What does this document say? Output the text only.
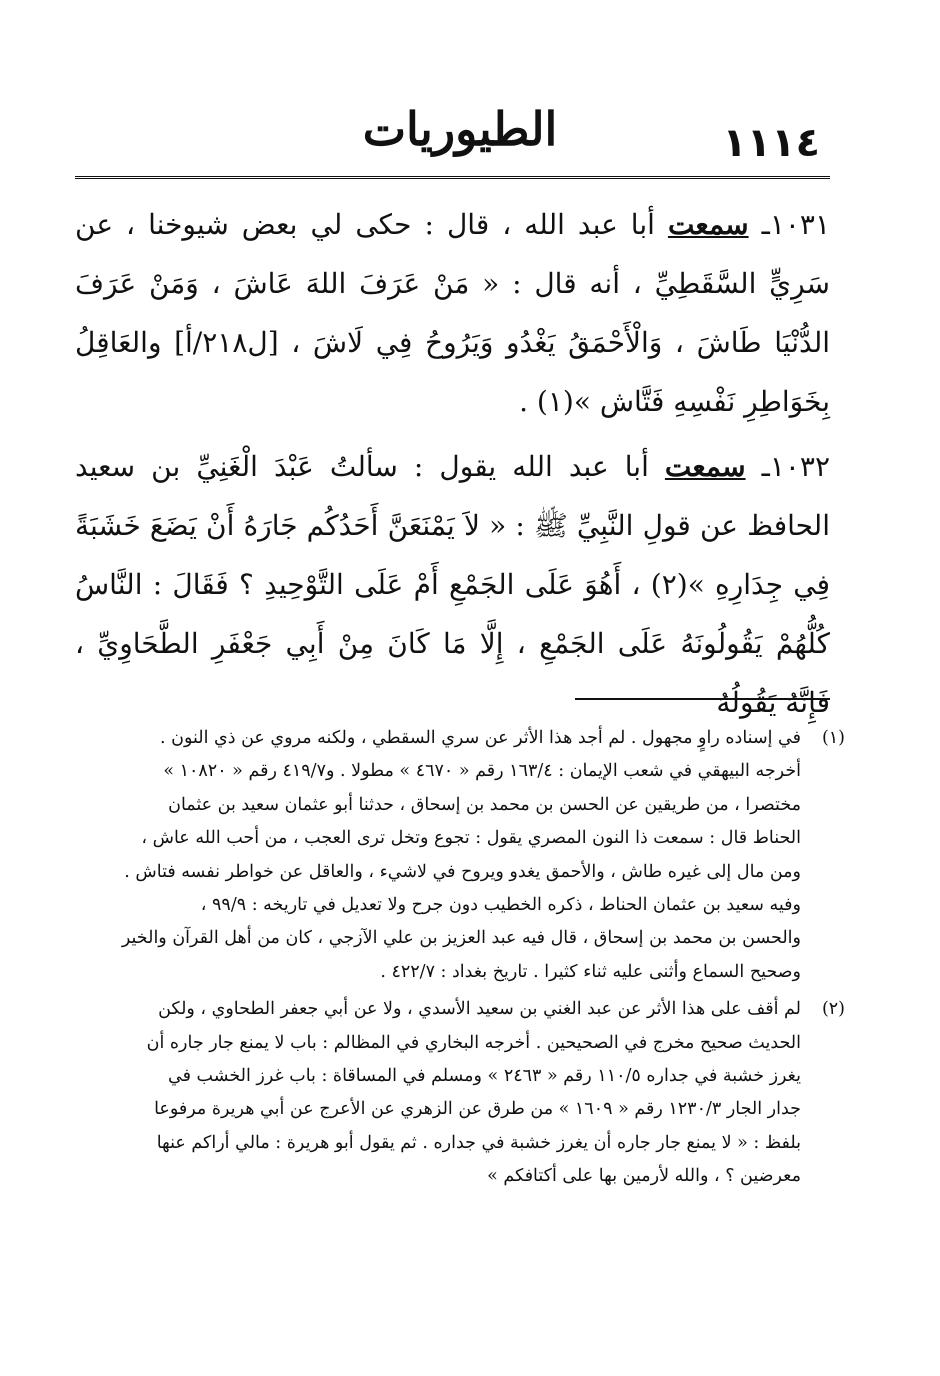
١١١٤
الطيوريات

١٠٣١ـ سمعت أبا عبد الله ، قال : حكى لي بعض شيوخنا ، عن سَرِيٍّ السَّقَطِيِّ ، أنه قال : « مَنْ عَرَفَ اللهَ عَاشَ ، وَمَنْ عَرَفَ الدُّنْيَا طَاشَ ، وَالْأَحْمَقُ يَغْدُو وَيَرُوحُ فِي لَاشَ ، [ل٢١٨/أ] والعَاقِلُ بِخَوَاطِرِ نَفْسِهِ فَتَّاش »(١) .

١٠٣٢ـ سمعت أبا عبد الله يقول : سألتُ عَبْدَ الْغَنِيِّ بن سعيد الحافظ عن قولِ النَّبِيِّ ﷺ : « لاَ يَمْنَعَنَّ أَحَدُكُم جَارَهُ أَنْ يَضَعَ خَشَبَةً فِي جِدَارِهِ »(٢) ، أَهُوَ عَلَى الجَمْعِ أَمْ عَلَى التَّوْحِيدِ ؟ فَقَالَ : النَّاسُ كُلُّهُمْ يَقُولُونَهُ عَلَى الجَمْعِ ، إِلَّا مَا كَانَ مِنْ أَبِي جَعْفَرِ الطَّحَاوِيِّ ، فَإِنَّهُ يَقُولُهُ

(١)
في إسناده راوٍ مجهول . لم أجد هذا الأثر عن سري السقطي ، ولكنه مروي عن ذي النون .
أخرجه البيهقي في شعب الإيمان : ١٦٣/٤ رقم « ٤٦٧٠ » مطولا . و٤١٩/٧ رقم « ١٠٨٢٠ »
مختصرا ، من طريقين عن الحسن بن محمد بن إسحاق ، حدثنا أبو عثمان سعيد بن عثمان
الحناط قال : سمعت ذا النون المصري يقول : تجوع وتخل ترى العجب ، من أحب الله عاش ،
ومن مال إلى غيره طاش ، والأحمق يغدو ويروح في لاشيء ، والعاقل عن خواطر نفسه فتاش .
وفيه سعيد بن عثمان الحناط ، ذكره الخطيب دون جرح ولا تعديل في تاريخه : ٩٩/٩ ،
والحسن بن محمد بن إسحاق ، قال فيه عبد العزيز بن علي الآزجي ، كان من أهل القرآن والخير
وصحيح السماع وأثنى عليه ثناء كثيرا . تاريخ بغداد : ٤٢٢/٧ .
(٢)
لم أقف على هذا الأثر عن عبد الغني بن سعيد الأسدي ، ولا عن أبي جعفر الطحاوي ، ولكن
الحديث صحيح مخرج في الصحيحين . أخرجه البخاري في المظالم : باب لا يمنع جار جاره أن
يغرز خشبة في جداره ١١٠/٥ رقم « ٢٤٦٣ » ومسلم في المساقاة : باب غرز الخشب في
جدار الجار ١٢٣٠/٣ رقم « ١٦٠٩ » من طرق عن الزهري عن الأعرج عن أبي هريرة مرفوعا
بلفظ : « لا يمنع جار جاره أن يغرز خشبة في جداره . ثم يقول أبو هريرة : مالي أراكم عنها
معرضين ؟ ، والله لأرمين بها على أكتافكم »
